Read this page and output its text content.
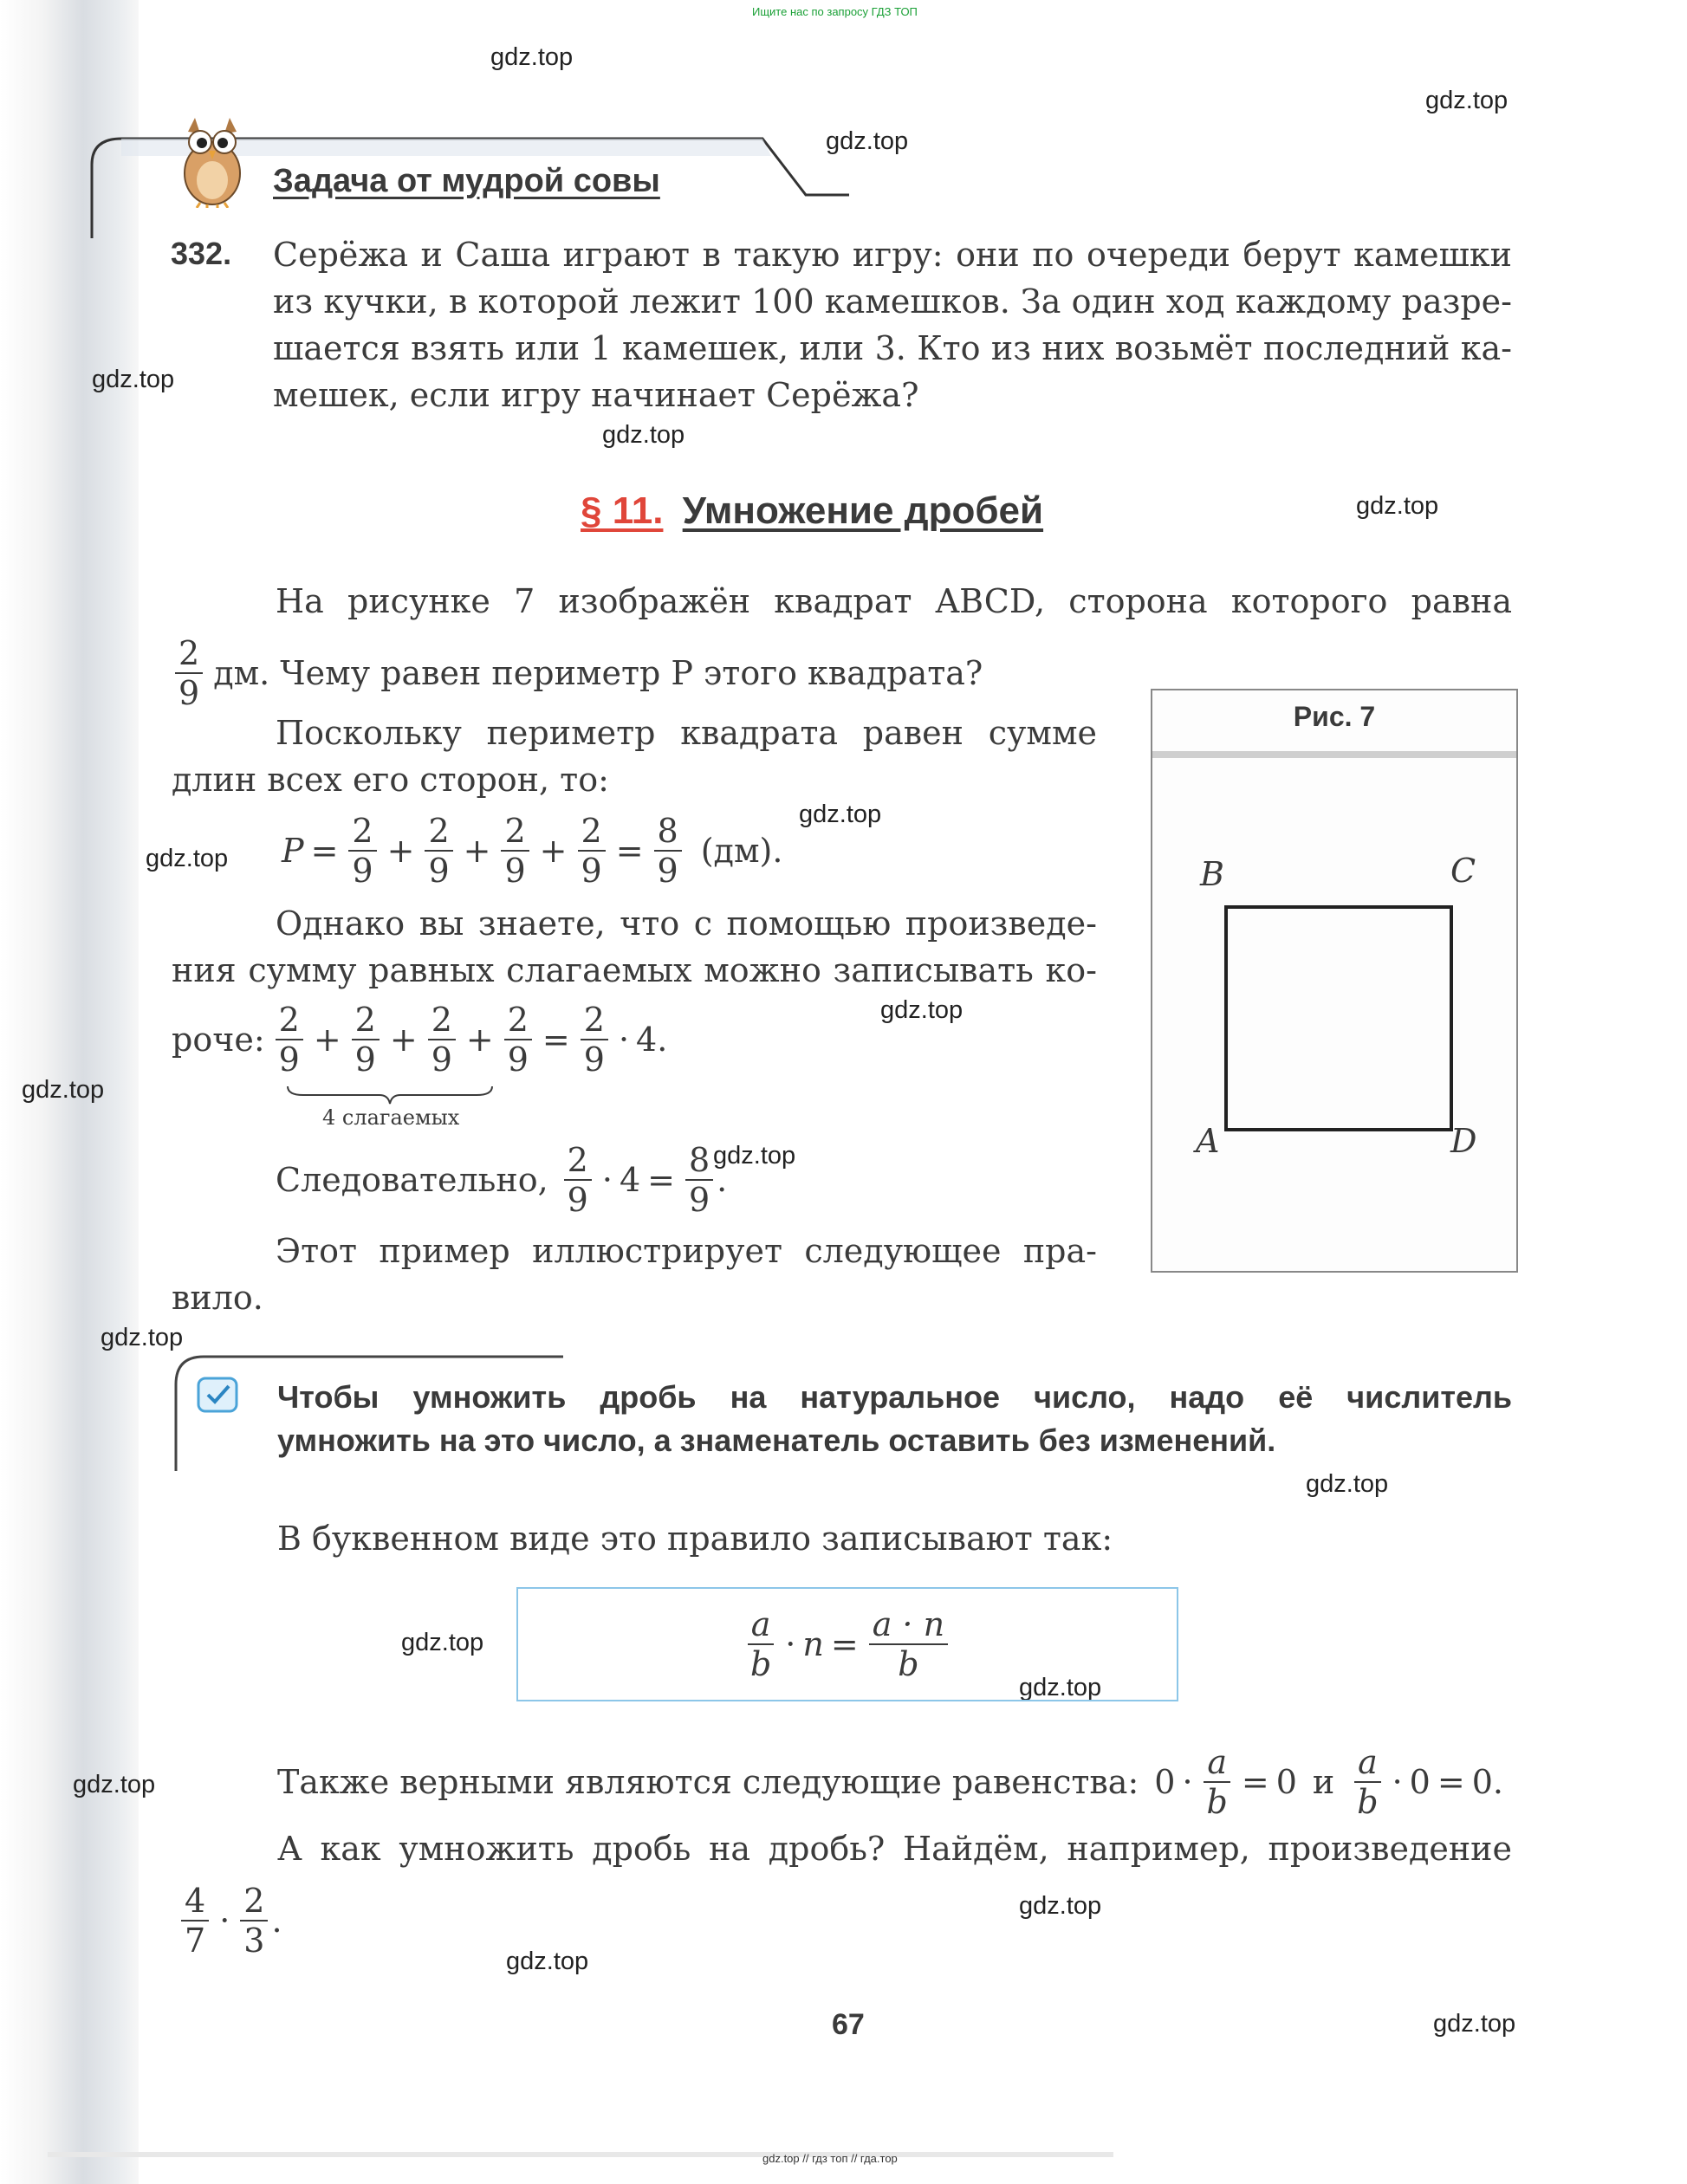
Ищите нас по запросу ГДЗ ТОП
gdz.top // гдз топ // гда.тор
gdz.top
gdz.top
gdz.top
gdz.top
gdz.top
gdz.top
gdz.top
gdz.top
gdz.top
gdz.top
gdz.top
gdz.top
gdz.top
gdz.top
gdz.top
gdz.top
gdz.top
gdz.top
gdz.top
Задача от мудрой совы
332. Серёжа и Саша играют в такую игру: они по очереди берут камешки
из кучки, в которой лежит 100 камешков. За один ход каждому разре-
шается взять или 1 камешек, или 3. Кто из них возьмёт последний ка-
мешек, если игру начинает Серёжа?
§ 11. Умножение дробей
На рисунке 7 изображён квадрат ABCD, сторона которого равна
$\frac{2}{9}$ дм. Чему равен периметр P этого квадрата?
Поскольку периметр квадрата равен сумме
длин всех его сторон, то:
$P = \frac{2}{9} + \frac{2}{9} + \frac{2}{9} + \frac{2}{9} = \frac{8}{9} (дм)$.
Однако вы знаете, что с помощью произведе-
ния сумму равных слагаемых можно записывать ко-
роче: $\frac{2}{9} + \frac{2}{9} + \frac{2}{9} + \frac{2}{9} = \frac{2}{9} \cdot 4$.
4 слагаемых
Следовательно, $\frac{2}{9} \cdot 4 = \frac{8}{9}$ .
Этот пример иллюстрирует следующее пра-
вило.
Рис. 7
B	C
A	D
Чтобы умножить дробь на натуральное число, надо её числитель
умножить на это число, а знаменатель оставить без изменений.
В буквенном виде это правило записывают так:
$\frac{a}{b} \cdot n = \frac{a \cdot n}{b}$
Также верными являются следующие равенства: $0 \cdot \frac{a}{b} = 0$ и $\frac{a}{b} \cdot 0 = 0$ .
А как умножить дробь на дробь? Найдём, например, произведение
$\frac{4}{7} \cdot \frac{2}{3}$ .
67
